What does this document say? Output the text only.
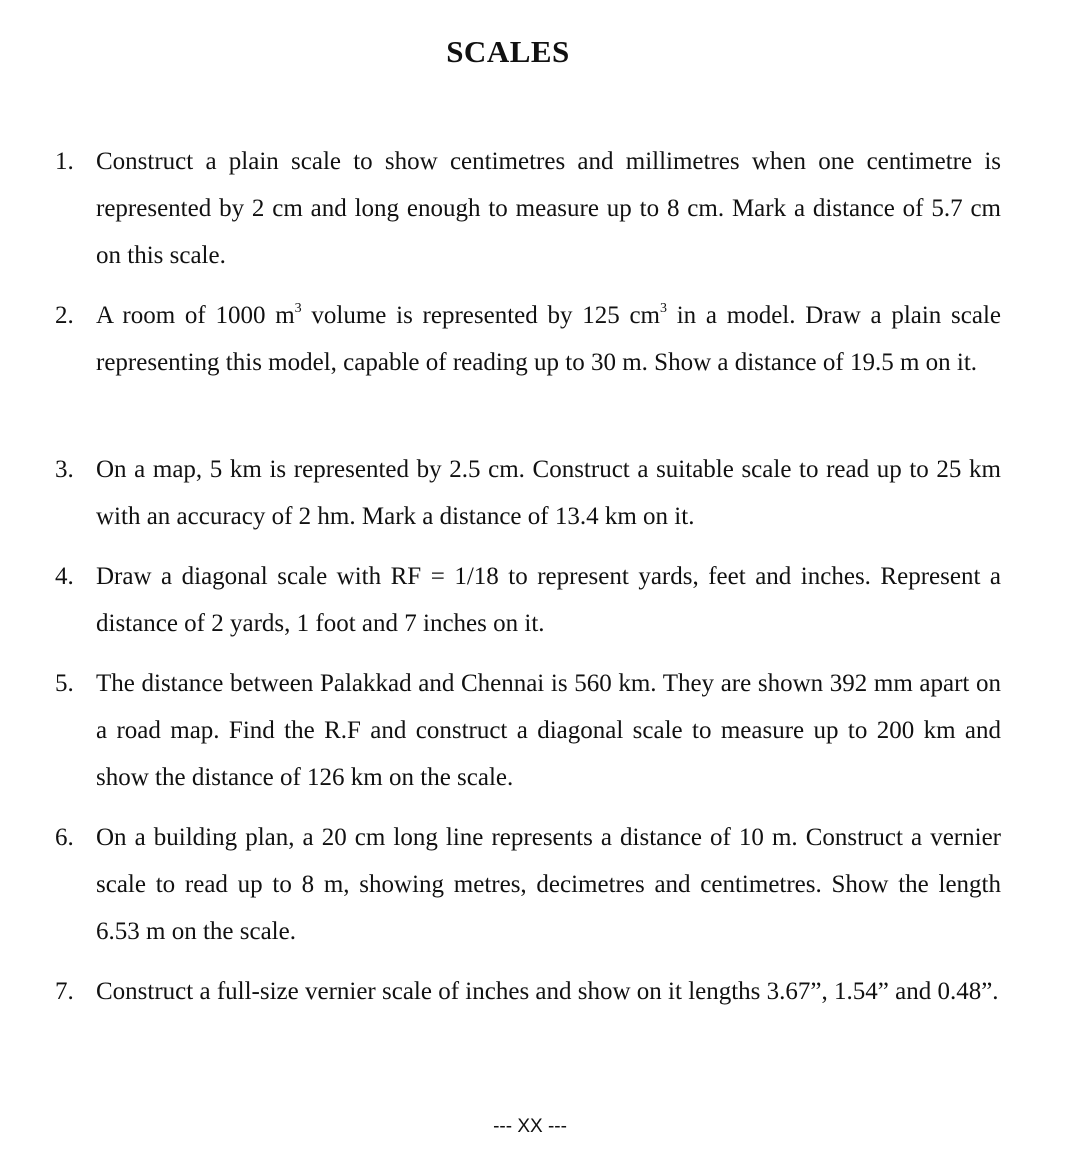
SCALES
1. Construct a plain scale to show centimetres and millimetres when one centimetre is represented by 2 cm and long enough to measure up to 8 cm. Mark a distance of 5.7 cm on this scale.

2. A room of 1000 $m^3$ volume is represented by 125 $cm^3$ in a model. Draw a plain scale representing this model, capable of reading up to 30 m. Show a distance of 19.5 m on it.

3. On a map, 5 km is represented by 2.5 cm. Construct a suitable scale to read up to 25 km with an accuracy of 2 hm. Mark a distance of 13.4 km on it.

4. Draw a diagonal scale with RF = 1/18 to represent yards, feet and inches. Represent a distance of 2 yards, 1 foot and 7 inches on it.

5. The distance between Palakkad and Chennai is 560 km. They are shown 392 mm apart on a road map. Find the R.F and construct a diagonal scale to measure up to 200 km and show the distance of 126 km on the scale.

6. On a building plan, a 20 cm long line represents a distance of 10 m. Construct a vernier scale to read up to 8 m, showing metres, decimetres and centimetres. Show the length 6.53 m on the scale.

7. Construct a full-size vernier scale of inches and show on it lengths 3.67”, 1.54” and 0.48”.

--- XX ---
